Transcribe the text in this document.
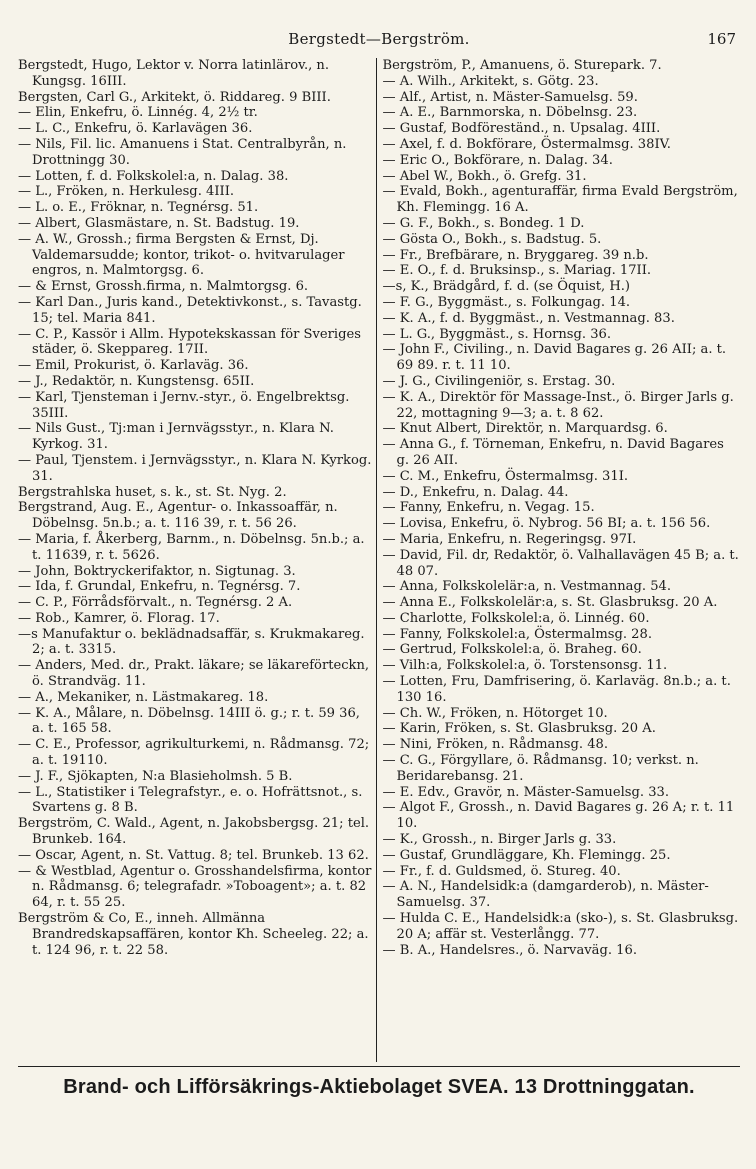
Bergstedt—Bergström.	167
Bergstedt, Hugo, Lektor v. Norra latinlärov., n. Kungsg. 16III.
Bergsten, Carl G., Arkitekt, ö. Riddareg. 9 BIII.
— Elin, Enkefru, ö. Linnég. 4, 2½ tr.
— L. C., Enkefru, ö. Karlavägen 36.
— Nils, Fil. lic. Amanuens i Stat. Centralbyrån, n. Drottningg 30.
— Lotten, f. d. Folkskolel:a, n. Dalag. 38.
— L., Fröken, n. Herkulesg. 4III.
— L. o. E., Fröknar, n. Tegnérsg. 51.
— Albert, Glasmästare, n. St. Badstug. 19.
— A. W., Grossh.; firma Bergsten & Ernst, Dj. Valdemarsudde; kontor, trikot- o. hvitvarulager engros, n. Malmtorgsg. 6.
— & Ernst, Grossh.firma, n. Malmtorgsg. 6.
— Karl Dan., Juris kand., Detektivkonst., s. Tavastg. 15; tel. Maria 841.
— C. P., Kassör i Allm. Hypotekskassan för Sveriges städer, ö. Skeppareg. 17II.
— Emil, Prokurist, ö. Karlaväg. 36.
— J., Redaktör, n. Kungstensg. 65II.
— Karl, Tjensteman i Jernv.-styr., ö. Engelbrektsg. 35III.
— Nils Gust., Tj:man i Jernvägsstyr., n. Klara N. Kyrkog. 31.
— Paul, Tjenstem. i Jernvägsstyr., n. Klara N. Kyrkog. 31.
Bergstrahlska huset, s. k., st. St. Nyg. 2.
Bergstrand, Aug. E., Agentur- o. Inkassoaffär, n. Döbelnsg. 5n.b.; a. t. 116 39, r. t. 56 26.
— Maria, f. Åkerberg, Barnm., n. Döbelnsg. 5n.b.; a. t. 11639, r. t. 5626.
— John, Boktryckerifaktor, n. Sigtunag. 3.
— Ida, f. Grundal, Enkefru, n. Tegnérsg. 7.
— C. P., Förrådsförvalt., n. Tegnérsg. 2 A.
— Rob., Kamrer, ö. Florag. 17.
—s Manufaktur o. beklädnadsaffär, s. Krukmakareg. 2; a. t. 3315.
— Anders, Med. dr., Prakt. läkare; se läkareförteckn, ö. Strandväg. 11.
— A., Mekaniker, n. Lästmakareg. 18.
— K. A., Målare, n. Döbelnsg. 14III ö. g.; r. t. 59 36, a. t. 165 58.
— C. E., Professor, agrikulturkemi, n. Rådmansg. 72; a. t. 19110.
— J. F., Sjökapten, N:a Blasieholmsh. 5 B.
— L., Statistiker i Telegrafstyr., e. o. Hofrättsnot., s. Svartens g. 8 B.
Bergström, C. Wald., Agent, n. Jakobsbergsg. 21; tel. Brunkeb. 164.
— Oscar, Agent, n. St. Vattug. 8; tel. Brunkeb. 13 62.
— & Westblad, Agentur o. Grosshandelsfirma, kontor n. Rådmansg. 6; telegrafadr. »Toboagent»; a. t. 82 64, r. t. 55 25.
Bergström & Co, E., inneh. Allmänna Brandredskapsaffären, kontor Kh. Scheeleg. 22; a. t. 124 96, r. t. 22 58.
Bergström, P., Amanuens, ö. Sturepark. 7.
— A. Wilh., Arkitekt, s. Götg. 23.
— Alf., Artist, n. Mäster-Samuelsg. 59.
— A. E., Barnmorska, n. Döbelnsg. 23.
— Gustaf, Bodföreständ., n. Upsalag. 4III.
— Axel, f. d. Bokförare, Östermalmsg. 38IV.
— Eric O., Bokförare, n. Dalag. 34.
— Abel W., Bokh., ö. Grefg. 31.
— Evald, Bokh., agenturaffär, firma Evald Bergström, Kh. Flemingg. 16 A.
— G. F., Bokh., s. Bondeg. 1 D.
— Gösta O., Bokh., s. Badstug. 5.
— Fr., Brefbärare, n. Bryggareg. 39 n.b.
— E. O., f. d. Bruksinsp., s. Mariag. 17II.
—s, K., Brädgård, f. d. (se Öquist, H.)
— F. G., Byggmäst., s. Folkungag. 14.
— K. A., f. d. Byggmäst., n. Vestmannag. 83.
— L. G., Byggmäst., s. Hornsg. 36.
— John F., Civiling., n. David Bagares g. 26 AII; a. t. 69 89. r. t. 11 10.
— J. G., Civilingeniör, s. Erstag. 30.
— K. A., Direktör för Massage-Inst., ö. Birger Jarls g. 22, mottagning 9—3; a. t. 8 62.
— Knut Albert, Direktör, n. Marquardsg. 6.
— Anna G., f. Törneman, Enkefru, n. David Bagares g. 26 AII.
— C. M., Enkefru, Östermalmsg. 31I.
— D., Enkefru, n. Dalag. 44.
— Fanny, Enkefru, n. Vegag. 15.
— Lovisa, Enkefru, ö. Nybrog. 56 BI; a. t. 156 56.
— Maria, Enkefru, n. Regeringsg. 97I.
— David, Fil. dr, Redaktör, ö. Valhallavägen 45 B; a. t. 48 07.
— Anna, Folkskolelär:a, n. Vestmannag. 54.
— Anna E., Folkskolelär:a, s. St. Glasbruksg. 20 A.
— Charlotte, Folkskolel:a, ö. Linnég. 60.
— Fanny, Folkskolel:a, Östermalmsg. 28.
— Gertrud, Folkskolel:a, ö. Braheg. 60.
— Vilh:a, Folkskolel:a, ö. Torstensonsg. 11.
— Lotten, Fru, Damfrisering, ö. Karlaväg. 8n.b.; a. t. 130 16.
— Ch. W., Fröken, n. Hötorget 10.
— Karin, Fröken, s. St. Glasbruksg. 20 A.
— Nini, Fröken, n. Rådmansg. 48.
— C. G., Förgyllare, ö. Rådmansg. 10; verkst. n. Beridarebansg. 21.
— E. Edv., Gravör, n. Mäster-Samuelsg. 33.
— Algot F., Grossh., n. David Bagares g. 26 A; r. t. 11 10.
— K., Grossh., n. Birger Jarls g. 33.
— Gustaf, Grundläggare, Kh. Flemingg. 25.
— Fr., f. d. Guldsmed, ö. Stureg. 40.
— A. N., Handelsidk:a (damgarderob), n. Mäster-Samuelsg. 37.
— Hulda C. E., Handelsidk:a (sko-), s. St. Glasbruksg. 20 A; affär st. Vesterlångg. 77.
— B. A., Handelsres., ö. Narvaväg. 16.
Brand- och Lifförsäkrings-Aktiebolaget SVEA. 13 Drottninggatan.
